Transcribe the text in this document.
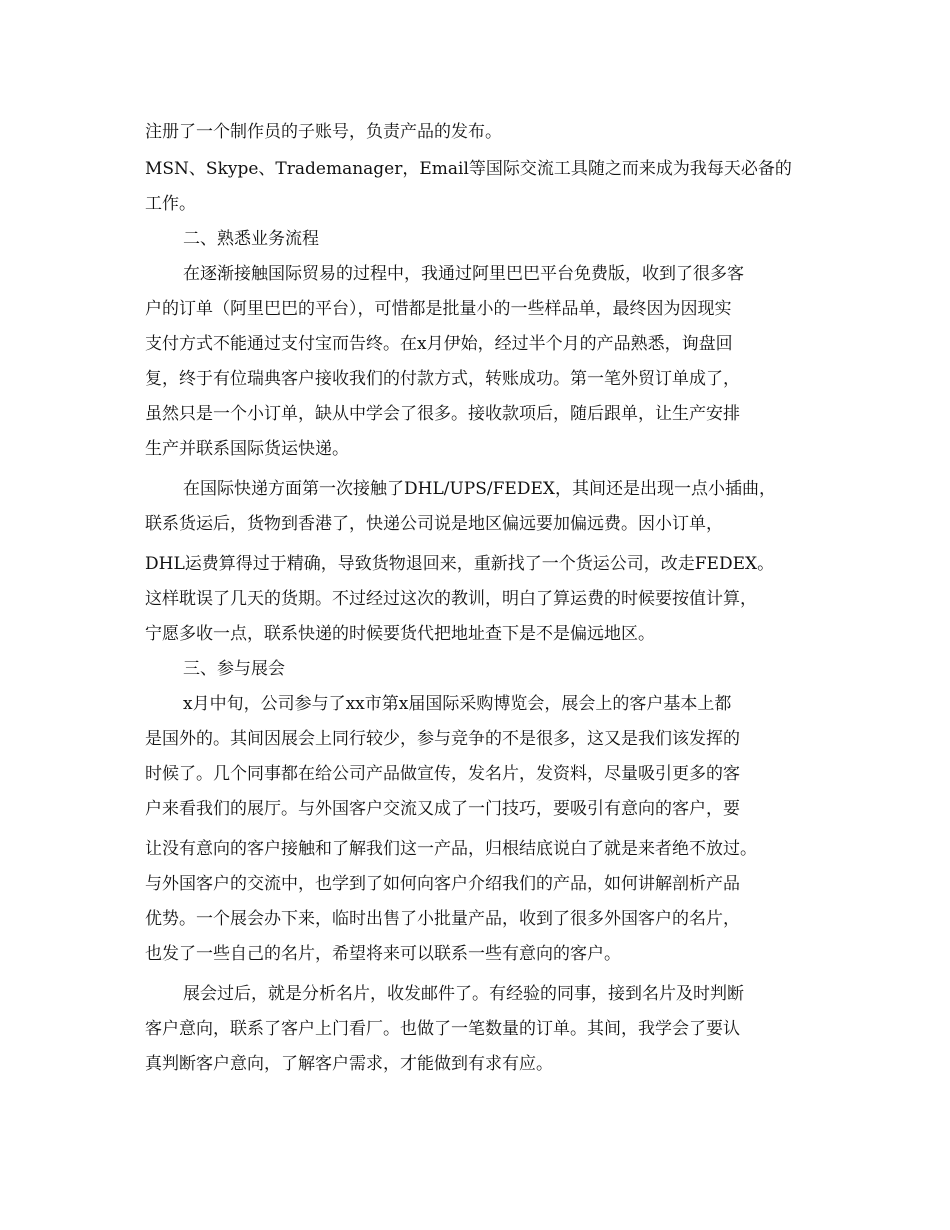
注册了一个制作员的子账号，负责产品的发布。
MSN、Skype、Trademanager，Email等国际交流工具随之而来成为我每天必备的
工作。
二、熟悉业务流程
在逐渐接触国际贸易的过程中，我通过阿里巴巴平台免费版，收到了很多客
户的订单（阿里巴巴的平台），可惜都是批量小的一些样品单，最终因为因现实
支付方式不能通过支付宝而告终。在x月伊始，经过半个月的产品熟悉，询盘回
复，终于有位瑞典客户接收我们的付款方式，转账成功。第一笔外贸订单成了，
虽然只是一个小订单，缺从中学会了很多。接收款项后，随后跟单，让生产安排
生产并联系国际货运快递。
在国际快递方面第一次接触了DHL/UPS/FEDEX，其间还是出现一点小插曲，
联系货运后，货物到香港了，快递公司说是地区偏远要加偏远费。因小订单，
DHL运费算得过于精确，导致货物退回来，重新找了一个货运公司，改走FEDEX。
这样耽误了几天的货期。不过经过这次的教训，明白了算运费的时候要按值计算，
宁愿多收一点，联系快递的时候要货代把地址查下是不是偏远地区。
三、参与展会
x月中旬，公司参与了xx市第x届国际采购博览会，展会上的客户基本上都
是国外的。其间因展会上同行较少，参与竞争的不是很多，这又是我们该发挥的
时候了。几个同事都在给公司产品做宣传，发名片，发资料，尽量吸引更多的客
户来看我们的展厅。与外国客户交流又成了一门技巧，要吸引有意向的客户，要
让没有意向的客户接触和了解我们这一产品，归根结底说白了就是来者绝不放过。
与外国客户的交流中，也学到了如何向客户介绍我们的产品，如何讲解剖析产品
优势。一个展会办下来，临时出售了小批量产品，收到了很多外国客户的名片，
也发了一些自己的名片，希望将来可以联系一些有意向的客户。
展会过后，就是分析名片，收发邮件了。有经验的同事，接到名片及时判断
客户意向，联系了客户上门看厂。也做了一笔数量的订单。其间，我学会了要认
真判断客户意向，了解客户需求，才能做到有求有应。
